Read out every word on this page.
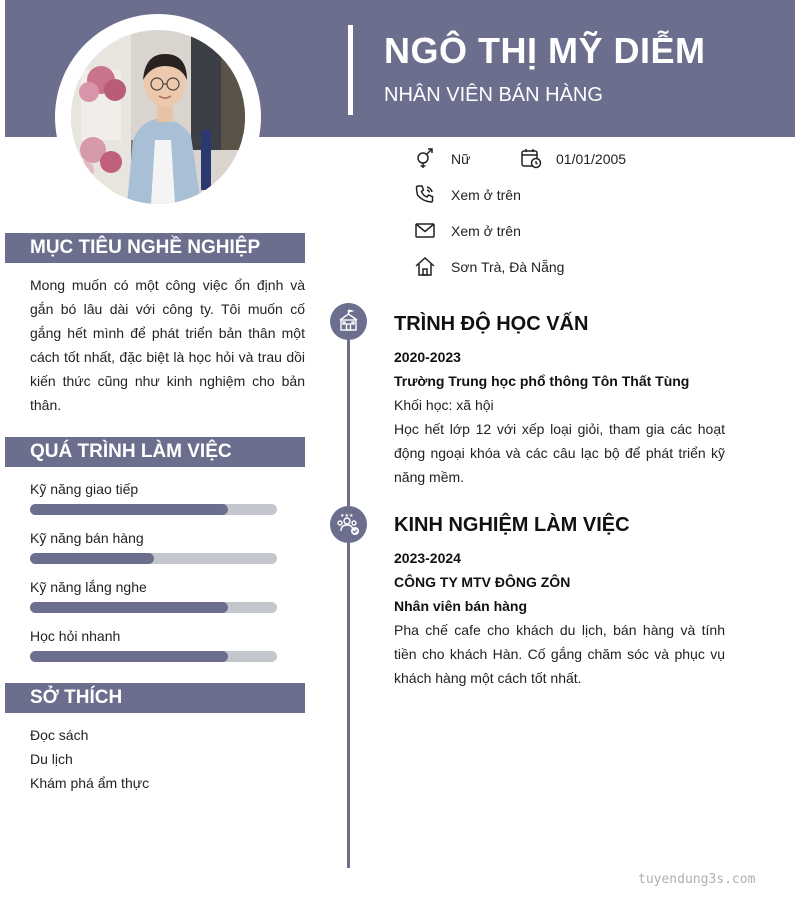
NGÔ THỊ MỸ DIỄM
NHÂN VIÊN BÁN HÀNG
Nữ	01/01/2005
Xem ở trên
Xem ở trên
Sơn Trà, Đà Nẵng
MỤC TIÊU NGHỀ NGHIỆP
Mong muốn có một công việc ổn định và gắn bó lâu dài với công ty. Tôi muốn cố gắng hết mình để phát triển bản thân một cách tốt nhất, đặc biệt là học hỏi và trau dồi kiến thức cũng như kinh nghiệm cho bản thân.
QUÁ TRÌNH LÀM VIỆC
Kỹ năng giao tiếp
Kỹ năng bán hàng
Kỹ năng lắng nghe
Học hỏi nhanh
SỞ THÍCH
Đọc sách
Du lịch
Khám phá ẩm thực
★★★
TRÌNH ĐỘ HỌC VẤN
2020-2023
Trường Trung học phổ thông Tôn Thất Tùng
Khối học: xã hội
Học hết lớp 12 với xếp loại giỏi, tham gia các hoạt động ngoại khóa và các câu lạc bộ để phát triển kỹ năng mềm.
KINH NGHIỆM LÀM VIỆC
2023-2024
CÔNG TY MTV ĐÔNG ZÔN
Nhân viên bán hàng
Pha chế cafe cho khách du lịch, bán hàng và tính tiền cho khách Hàn. Cố gắng chăm sóc và phục vụ khách hàng một cách tốt nhất.
tuyendung3s.com
